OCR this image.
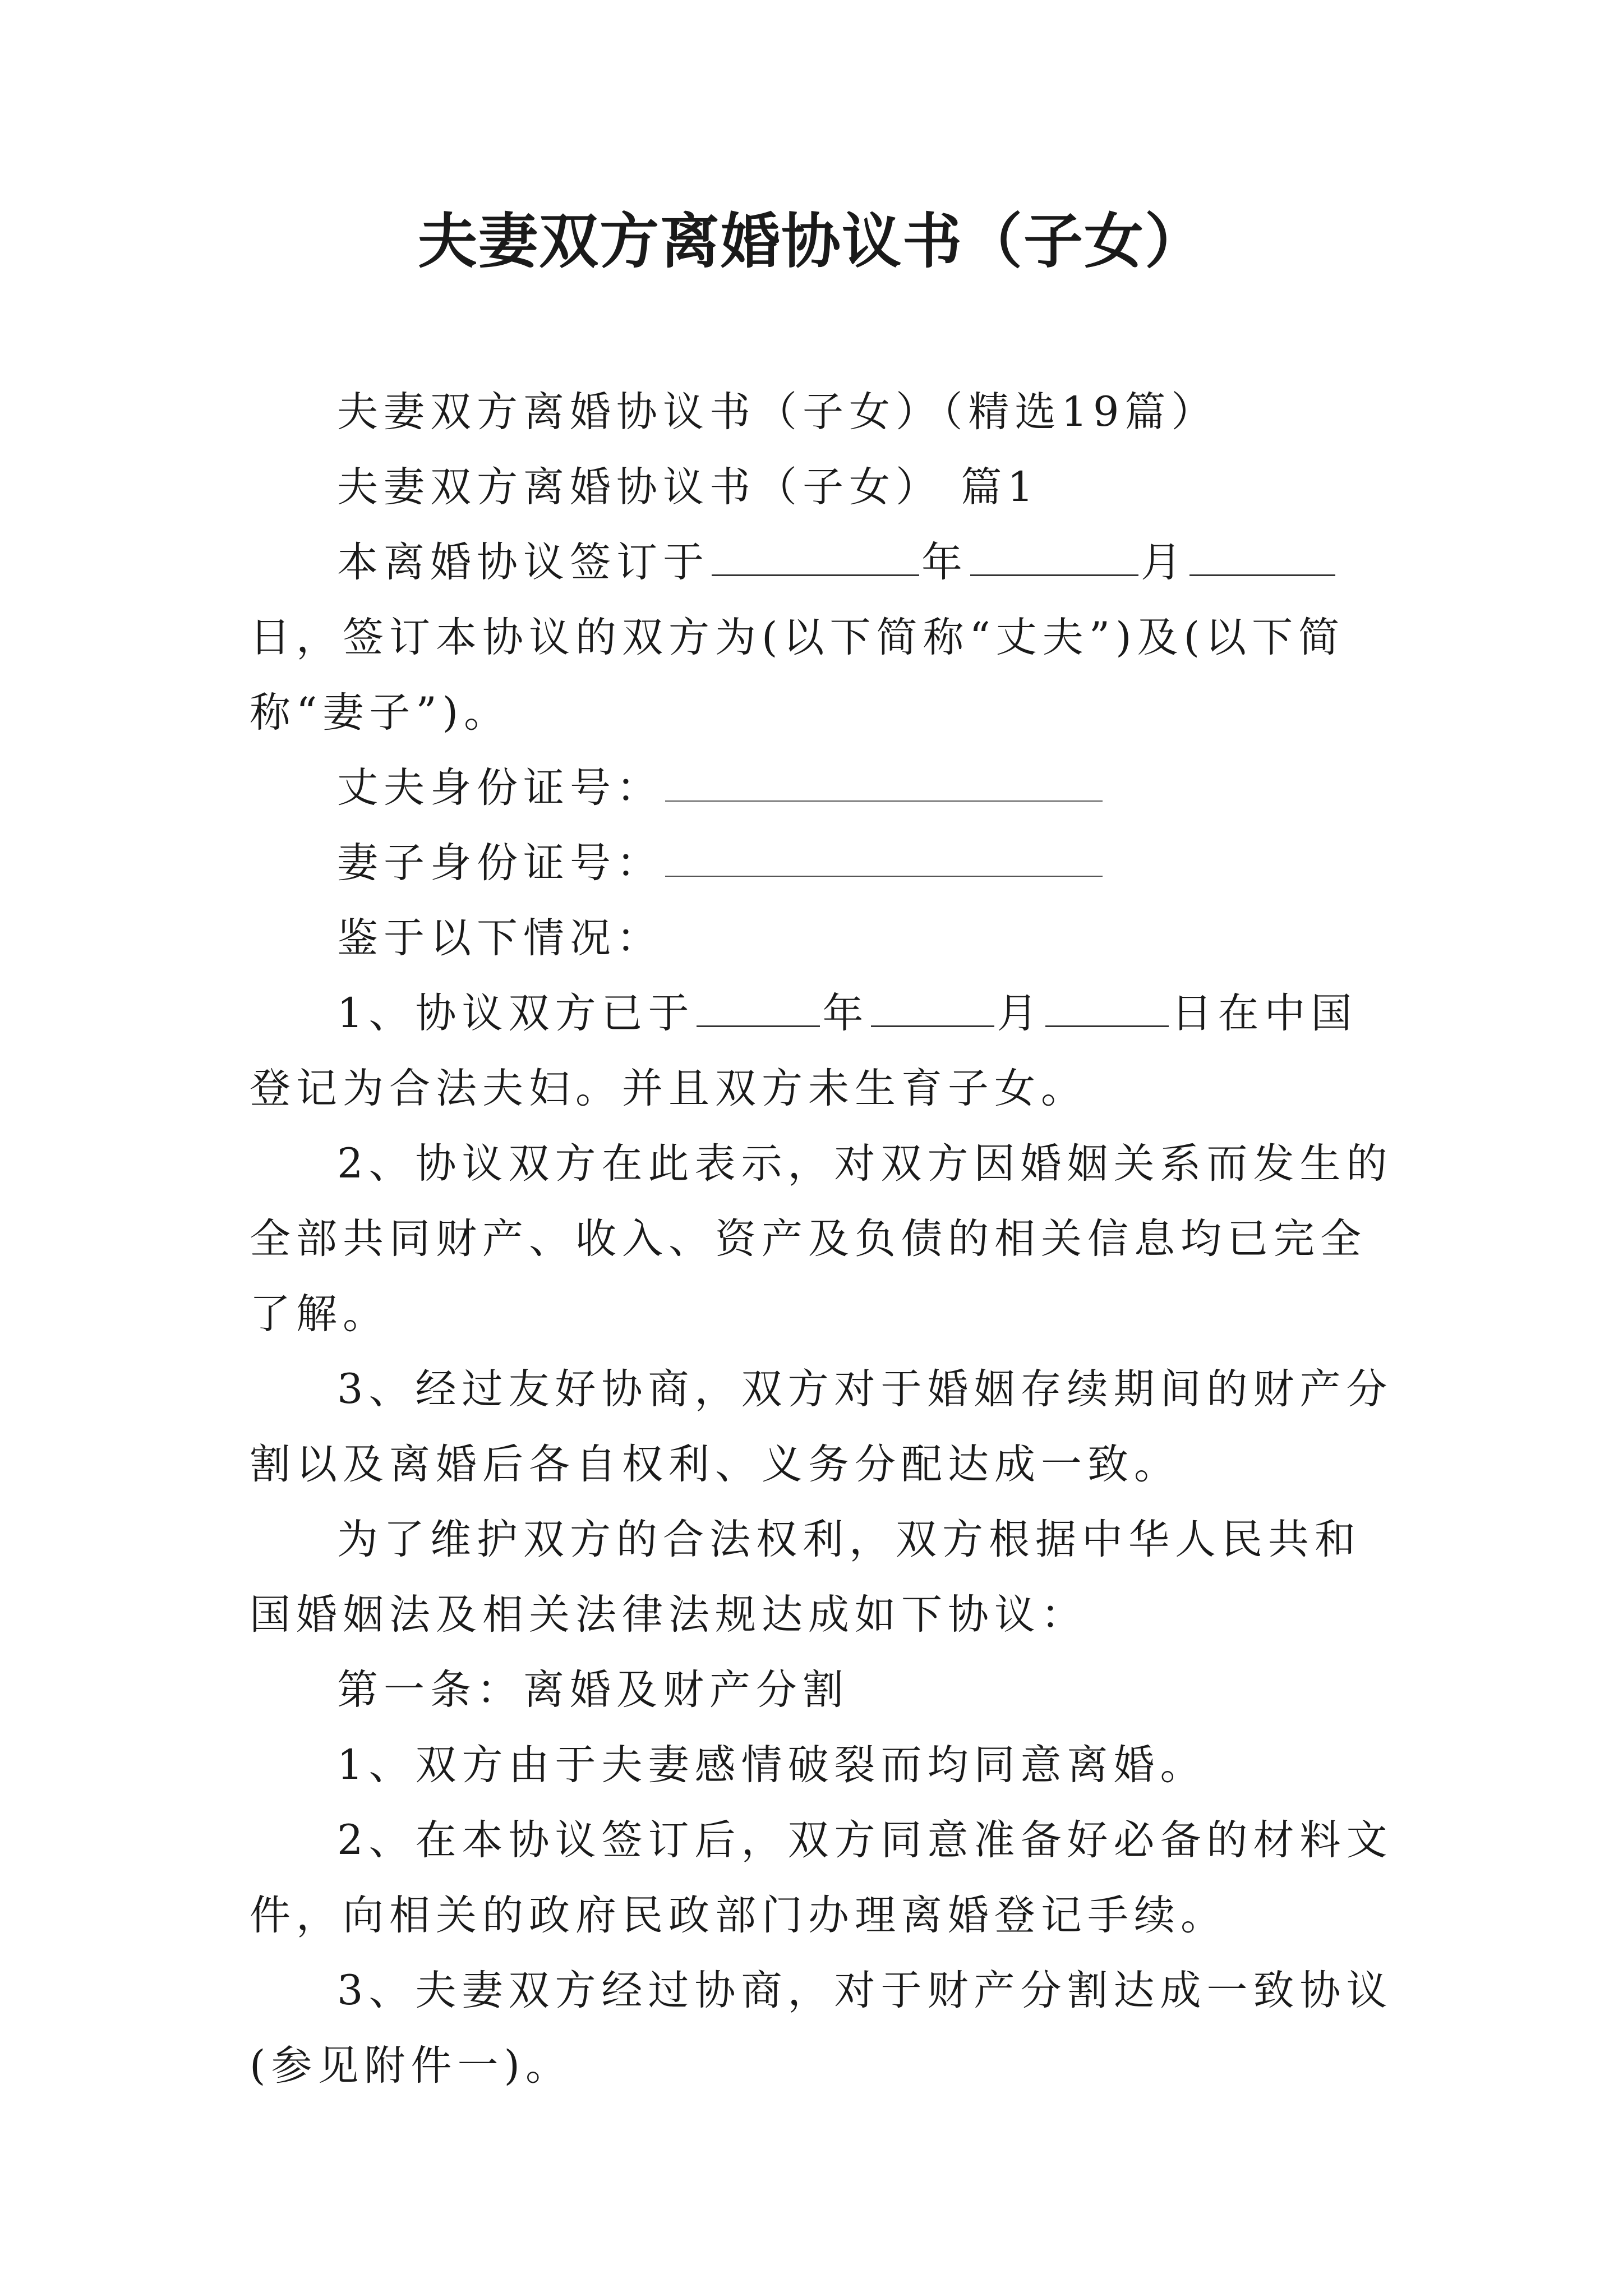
夫妻双方离婚协议书（子女）

夫妻双方离婚协议书（子女）（精选19篇）

夫妻双方离婚协议书（子女） 篇1

本离婚协议签订于	年	月日，签订本协议的双方为(以下简称“丈夫”)及(以下简称“妻子”)。

丈夫身份证号：

妻子身份证号：

鉴于以下情况：

1、协议双方已于	年	月	日在中国登记为合法夫妇。并且双方未生育子女。

2、协议双方在此表示，对双方因婚姻关系而发生的全部共同财产、收入、资产及负债的相关信息均已完全了解。

3、经过友好协商，双方对于婚姻存续期间的财产分割以及离婚后各自权利、义务分配达成一致。

为了维护双方的合法权利，双方根据中华人民共和国婚姻法及相关法律法规达成如下协议：

第一条：离婚及财产分割

1、双方由于夫妻感情破裂而均同意离婚。

2、在本协议签订后，双方同意准备好必备的材料文件，向相关的政府民政部门办理离婚登记手续。

3、夫妻双方经过协商，对于财产分割达成一致协议(参见附件一)。
